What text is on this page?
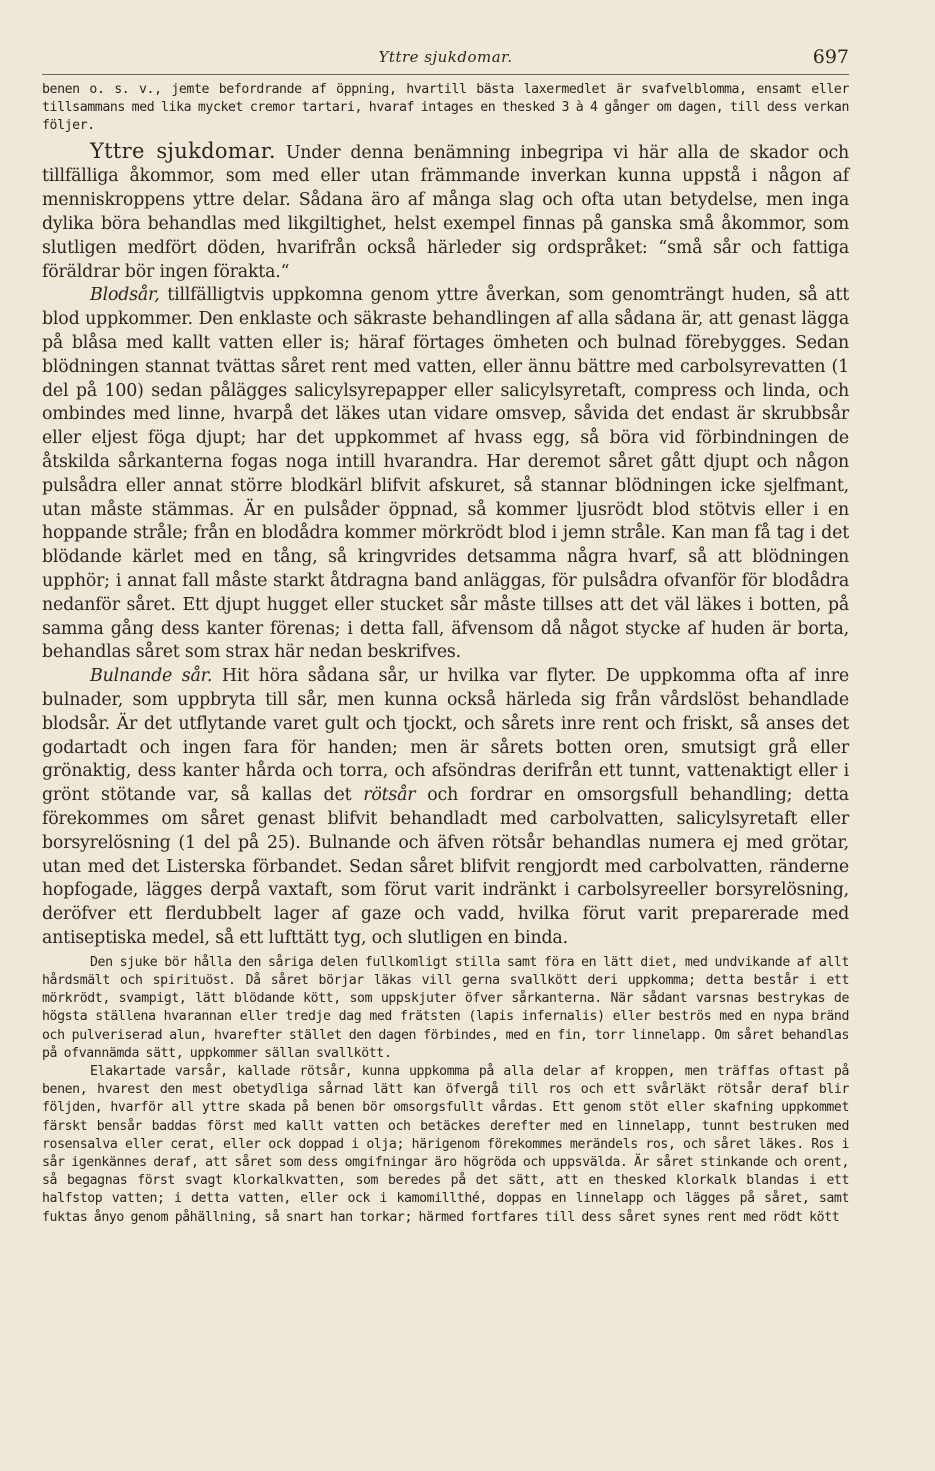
Yttre sjukdomar.	697

benen o. s. v., jemte befordrande af öppning, hvartill bästa laxermedlet är svafvelblomma, ensamt eller tillsammans med lika mycket cremor tartari, hvaraf intages en thesked 3 à 4 gånger om dagen, till dess verkan följer.

Yttre sjukdomar. Under denna benämning inbegripa vi här alla de skador och tillfälliga åkommor, som med eller utan främmande inverkan kunna uppstå i någon af menniskroppens yttre delar. Sådana äro af många slag och ofta utan betydelse, men inga dylika böra behandlas med likgiltighet, helst exempel finnas på ganska små åkommor, som slutligen medfört döden, hvarifrån också härleder sig ordspråket: “små sår och fattiga föräldrar bör ingen förakta.“

Blodsår, tillfälligtvis uppkomna genom yttre åverkan, som genomträngt huden, så att blod uppkommer. Den enklaste och säkraste behandlingen af alla sådana är, att genast lägga på blåsa med kallt vatten eller is; häraf förtages ömheten och bulnad förebygges. Sedan blödningen stannat tvättas såret rent med vatten, eller ännu bättre med carbolsyrevatten (1 del på 100) sedan pålägges salicylsyrepapper eller salicylsyretaft, compress och linda, och ombindes med linne, hvarpå det läkes utan vidare omsvep, såvida det endast är skrubbsår eller eljest föga djupt; har det uppkommet af hvass egg, så böra vid förbindningen de åtskilda sårkanterna fogas noga intill hvarandra. Har deremot såret gått djupt och någon pulsådra eller annat större blodkärl blifvit afskuret, så stannar blödningen icke sjelfmant, utan måste stämmas. Är en pulsåder öppnad, så kommer ljusrödt blod stötvis eller i en hoppande stråle; från en blodådra kommer mörkrödt blod i jemn stråle. Kan man få tag i det blödande kärlet med en tång, så kringvrides detsamma några hvarf, så att blödningen upphör; i annat fall måste starkt åtdragna band anläggas, för pulsådra ofvanför för blodådra nedanför såret. Ett djupt hugget eller stucket sår måste tillses att det väl läkes i botten, på samma gång dess kanter förenas; i detta fall, äfvensom då något stycke af huden är borta, behandlas såret som strax här nedan beskrifves.

Bulnande sår. Hit höra sådana sår, ur hvilka var flyter. De uppkomma ofta af inre bulnader, som uppbryta till sår, men kunna också härleda sig från vårdslöst behandlade blodsår. Är det utflytande varet gult och tjockt, och sårets inre rent och friskt, så anses det godartadt och ingen fara för handen; men är sårets botten oren, smutsigt grå eller grönaktig, dess kanter hårda och torra, och afsöndras derifrån ett tunnt, vattenaktigt eller i grönt stötande var, så kallas det rötsår och fordrar en omsorgsfull behandling; detta förekommes om såret genast blifvit behandladt med carbolvatten, salicylsyretaft eller borsyrelösning (1 del på 25). Bulnande och äfven rötsår behandlas numera ej med grötar, utan med det Listerska förbandet. Sedan såret blifvit rengjordt med carbolvatten, ränderne hopfogade, lägges derpå vaxtaft, som förut varit indränkt i carbolsyreeller borsyrelösning, deröfver ett flerdubbelt lager af gaze och vadd, hvilka förut varit preparerade med antiseptiska medel, så ett lufttätt tyg, och slutligen en binda.

Den sjuke bör hålla den såriga delen fullkomligt stilla samt föra en lätt diet, med undvikande af allt hårdsmält och spirituöst. Då såret börjar läkas vill gerna svallkött deri uppkomma; detta består i ett mörkrödt, svampigt, lätt blödande kött, som uppskjuter öfver sårkanterna. När sådant varsnas bestrykas de högsta ställena hvarannan eller tredje dag med frätsten (lapis infernalis) eller beströs med en nypa bränd och pulveriserad alun, hvarefter stället den dagen förbindes, med en fin, torr linnelapp. Om såret behandlas på ofvannämda sätt, uppkommer sällan svallkött.

Elakartade varsår, kallade rötsår, kunna uppkomma på alla delar af kroppen, men träffas oftast på benen, hvarest den mest obetydliga sårnad lätt kan öfvergå till ros och ett svårläkt rötsår deraf blir följden, hvarför all yttre skada på benen bör omsorgsfullt vårdas. Ett genom stöt eller skafning uppkommet färskt bensår baddas först med kallt vatten och betäckes derefter med en linnelapp, tunnt bestruken med rosensalva eller cerat, eller ock doppad i olja; härigenom förekommes merändels ros, och såret läkes. Ros i sår igenkännes deraf, att såret som dess omgifningar äro högröda och uppsvälda. Är såret stinkande och orent, så begagnas först svagt klorkalkvatten, som beredes på det sätt, att en thesked klorkalk blandas i ett halfstop vatten; i detta vatten, eller ock i kamomillthé, doppas en linnelapp och lägges på såret, samt fuktas ånyo genom påhällning, så snart han torkar; härmed fortfares till dess såret synes rent med rödt kött
